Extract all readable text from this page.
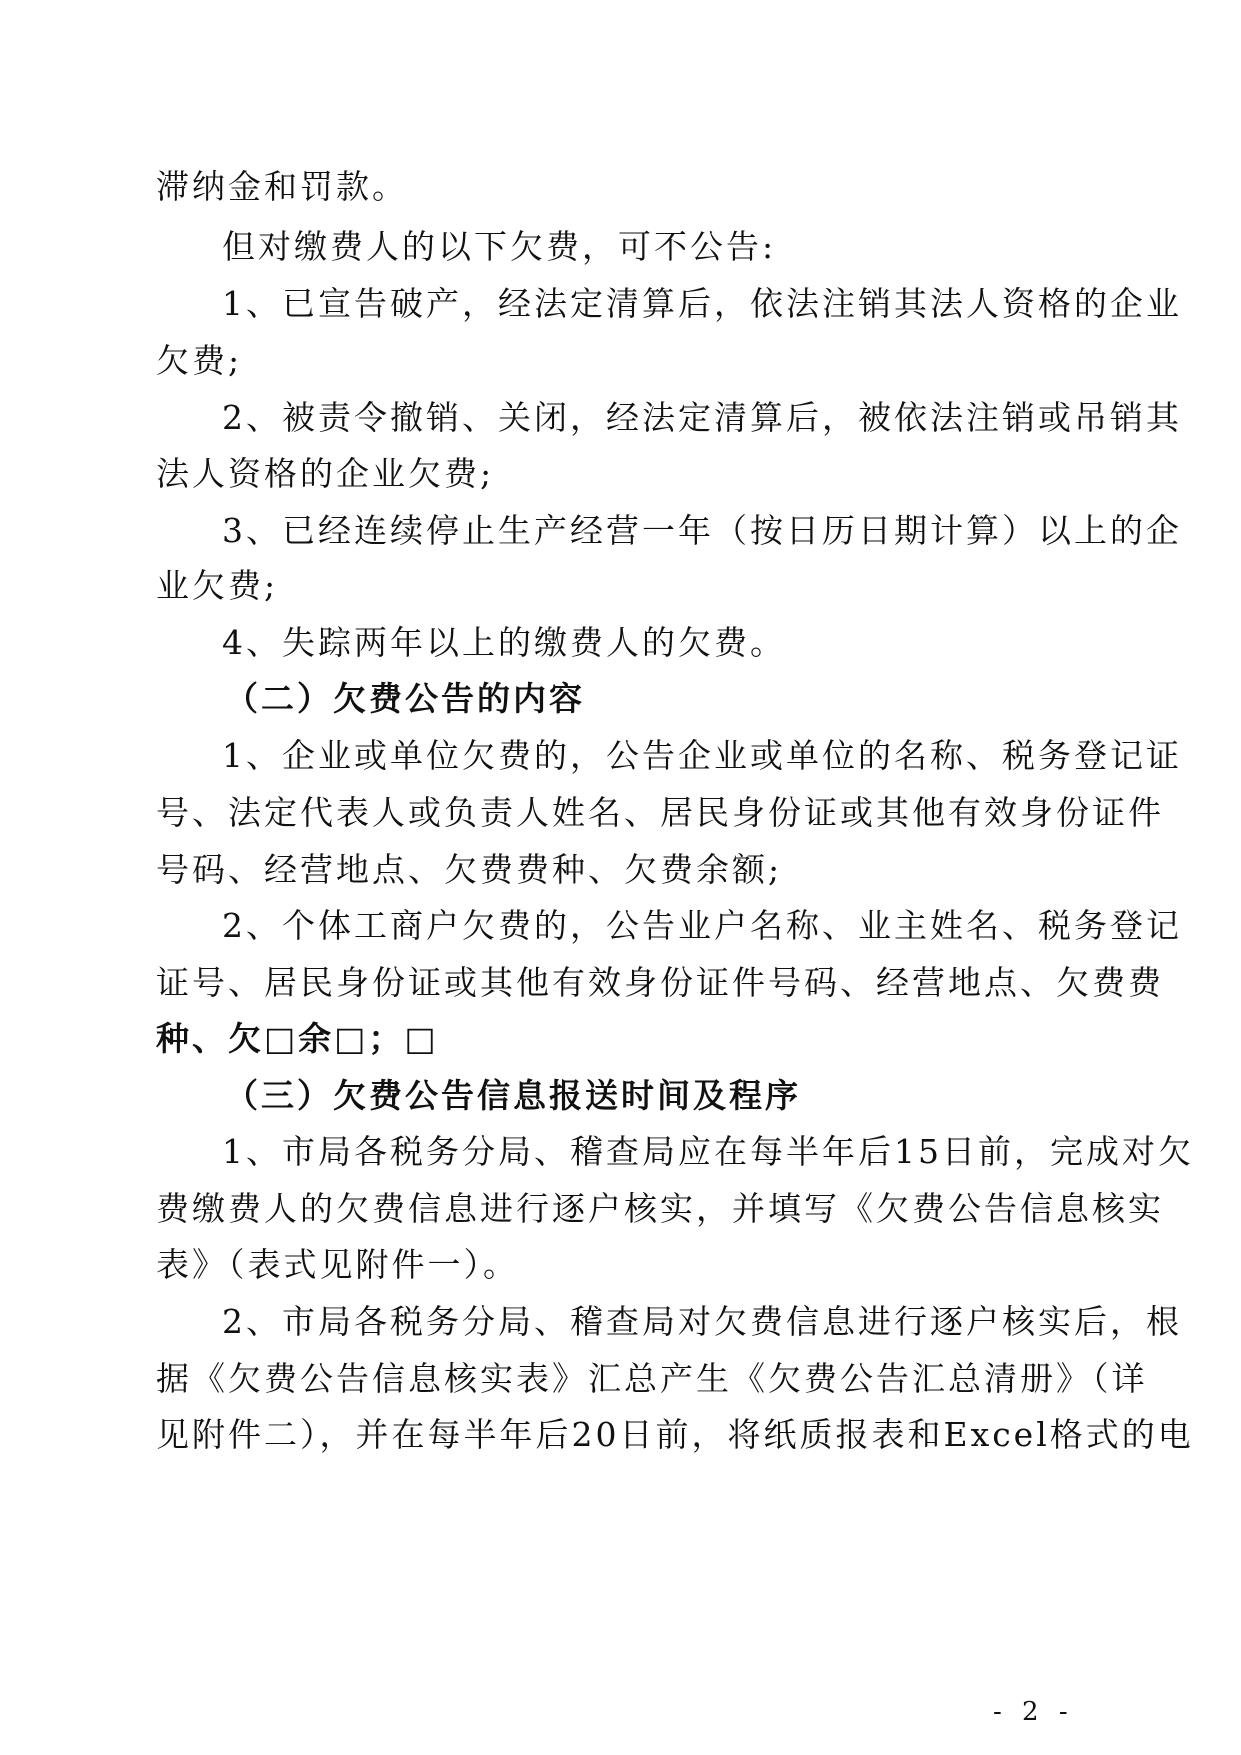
滞纳金和罚款。
但对缴费人的以下欠费，可不公告:
1、已宣告破产，经法定清算后，依法注销其法人资格的企业
欠费;
2、被责令撤销、关闭，经法定清算后，被依法注销或吊销其
法人资格的企业欠费;
3、已经连续停止生产经营一年（按日历日期计算）以上的企
业欠费;
4、失踪两年以上的缴费人的欠费。
（二）欠费公告的内容
1、企业或单位欠费的，公告企业或单位的名称、税务登记证
号、法定代表人或负责人姓名、居民身份证或其他有效身份证件
号码、经营地点、欠费费种、欠费余额;
2、个体工商户欠费的，公告业户名称、业主姓名、税务登记
证号、居民身份证或其他有效身份证件号码、经营地点、欠费费
种、欠□余□；□
（三）欠费公告信息报送时间及程序
1、市局各税务分局、稽查局应在每半年后15日前，完成对欠
费缴费人的欠费信息进行逐户核实，并填写《欠费公告信息核实
表》（表式见附件一）。
2、市局各税务分局、稽查局对欠费信息进行逐户核实后，根
据《欠费公告信息核实表》汇总产生《欠费公告汇总清册》（详
见附件二），并在每半年后20日前，将纸质报表和Excel格式的电
- 2 -
